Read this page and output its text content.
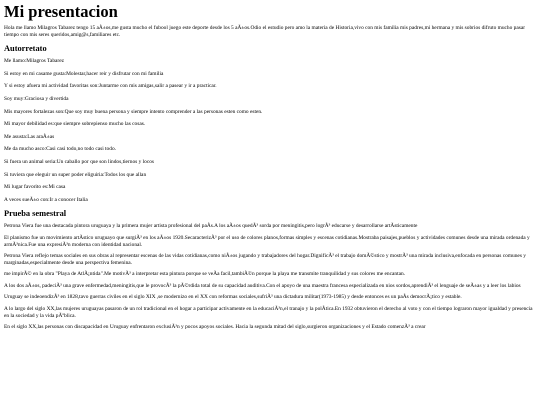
Mi presentacion

Hola me llamo Milagros Tabarez tengo 15 aÃ±os,me gusta mucho el fubool juego este deporte desde los 5 aÃ±os.Odio el estudio pero amo la materia de Historia,vivo con mis familia mis padres,mi hermana y mis sobrios difruto mucho pasar tiempo con mis seres queridos,amig@s,familiares etc.

Autorretato

Me llamo:Milagros Tabarez

Si estoy en mi casame gusta:Molestar,hacer reir y disfrutar con mi familia

Y si estoy afuera mi actividad favoritas son:Juntarme con mis amigas,salir a pasear y ir a practicar.

Soy muy:Graciosa y divertida

Mis mayores fortalezas son:Que soy muy buena persona y siempre intento comprender a las personas esten como esten.

Mi mayor debilidad es:que siempre sobrepienso mucho las cosas.

Me asusta:Las araÃ±as

Me da mucho asco:Casi casi todo,no todo casi todo.

Si fuera un animal seria:Un caballo por que son lindos,tiernos y locos

Si tuviera que eleguir un super poder eliguiria:Todos los que allan

Mi lugar favorito es:Mi casa

A veces sueÃ±o con:Ir a conocer Italia

Prueba semestral

Petrona Viera fue una destacada pintora uruguaya y la primera mujer artista profesional del paÃs.A los aÃ±os quedÃ³ sorda por meningitis,pero logrÃ³ educarse y desarrollarse artÃsticamente

El planismo fue un movimiento artÃstico uruguayo que surgiÃ³ en los aÃ±os 1920.SecaracterizÃ³ por el uso de colores planos,formas simples y escenas cotidianas.Mostraba paisajes,pueblos y actividades comunes desde una mirada ordenada y armÃ³nica.Fue una expresiÃ³n moderna con identidad nacional.

Petrona Viera reflejo temas sociales en sus obras al representar escenas de las vidas cotidianas,como niÃ±os jugando y trabajadores del hogar.DignificÃ³ el trabajo domÃ©stico y mostrÃ³ una mirada inclusiva,enfocada en personas comunes y marginadas,especialmente desde una perspectiva femenina.

me impirÃ© en la obra "Playa de AtlÃ¡ntida".Me motivÃ³ a interpretar esta pintura porque se veÃa facil,tambiÃ©n porque la playa me transmite tranquilidad y sus colores me encantan.

A los dos aÃ±os, padeciÃ³ una grave enfermedad,meningitis,que le provocÃ³ la pÃ©rdida total de su capacidad auditiva.Con el apoyo de una maestra francesa especializada en nios sordos,aprendiÃ³ el lenguaje de seÃ±as y a leer los labios

Uruguay se indeoendizÃ³ en 1828,tavo guerras civiles en el siglo XIX ,se modernizo en el XX con reformas sociales,sufriÃ³ una dictadura militar(1973-1985) y desde entonces es un paÃs democrÃ¡tico y estable.

A lo largo del siglo XX,las mujeres uruguayas pasaron de un rol tradicional en el hogar a participar activamente en la educaciÃ³n,el tranajo y la polÃtica.En 1932 obtuvieron el derecho al voto y con el tiempo lograron mayor igualdad y presencia en la sociedad y la vida pÃºblica.

En el siglo XX,las personas con discapacidad en Uruguay enfrentaron exclusiÃ³n y pocos apoyos sociales. Hacia la segunda mitad del siglo,surgieron organizaciones y el Estado comenzÃ³ a crear
